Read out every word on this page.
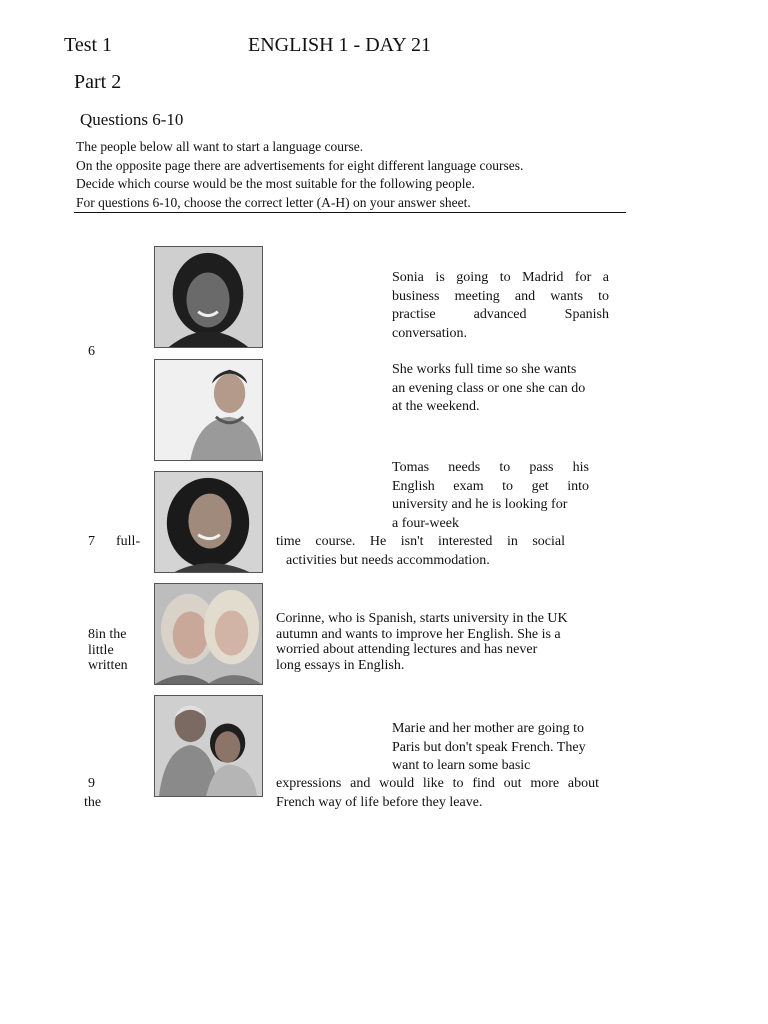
Test 1	ENGLISH 1 - DAY 21
Part 2
Questions 6-10
The people below all want to start a language course.
On the opposite page there are advertisements for eight different language courses.
Decide which course would be the most suitable for the following people.
For questions 6-10, choose the correct letter (A-H) on your answer sheet.
Sonia is going to Madrid for a
business meeting and wants to
practise advanced Spanish
conversation.
6
She works full time so she wants
an evening class or one she can do
at the weekend.
Tomas needs to pass his
English exam to get into
university and he is looking for
a four-week
7 full-	time course. He isn't interested in social
activities but needs accommodation.
8in the
little
written
Corinne, who is Spanish, starts university in the UK
autumn and wants to improve her English. She is a
worried about attending lectures and has never
long essays in English.
Marie and her mother are going to
Paris but don't speak French. They
want to learn some basic
9
the
expressions and would like to find out more about
French way of life before they leave.
